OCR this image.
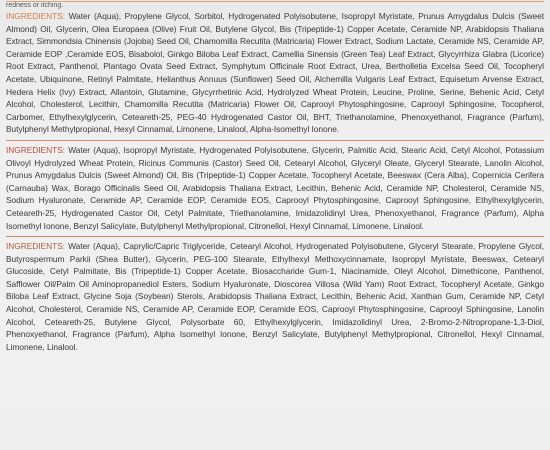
redness or itching.
INGREDIENTS: Water (Aqua), Propylene Glycol, Sorbitol, Hydrogenated Polyisobutene, Isopropyl Myristate, Prunus Amygdalus Dulcis (Sweet Almond) Oil, Glycerin, Olea Europaea (Olive) Fruit Oil, Butylene Glycol, Bis (Tripeptide-1) Copper Acetate, Ceramide NP, Arabidopsis Thaliana Extract, Simmondsia Chinensis (Jojoba) Seed Oil, Chamomilla Recutita (Matricaria) Flower Extract, Sodium Lactate, Ceramide NS, Ceramide AP, Ceramide EOP ,Ceramide EOS, Bisabolol, Ginkgo Biloba Leaf Extract, Camellia Sinensis (Green Tea) Leaf Extract, Glycyrrhiza Glabra (Licorice) Root Extract, Panthenol, Plantago Ovata Seed Extract, Symphytum Officinale Root Extract, Urea, Bertholletia Excelsa Seed Oil, Tocopheryl Acetate, Ubiquinone, Retinyl Palmitate, Helianthus Annuus (Sunflower) Seed Oil, Alchemilla Vulgaris Leaf Extract, Equisetum Arvense Extract, Hedera Helix (Ivy) Extract, Allantoin, Glutamine, Glycyrrhetinic Acid, Hydrolyzed Wheat Protein, Leucine, Proline, Serine, Behenic Acid, Cetyl Alcohol, Cholesterol, Lecithin, Chamomilla Recutita (Matricaria) Flower Oil, Caprooyl Phytosphingosine, Caprooyl Sphingosine, Tocopherol, Carbomer, Ethylhexylglycerin, Ceteareth-25, PEG-40 Hydrogenated Castor Oil, BHT, Triethanolamine, Phenoxyethanol, Fragrance (Parfum), Butylphenyl Methylpropional, Hexyl Cinnamal, Limonene, Linalool, Alpha-Isomethyl Ionone.
INGREDIENTS: Water (Aqua), Isopropyl Myristate, Hydrogenated Polyisobutene, Glycerin, Palmitic Acid, Stearic Acid, Cetyl Alcohol, Potassium Olivoyl Hydrolyzed Wheat Protein, Ricinus Communis (Castor) Seed Oil, Cetearyl Alcohol, Glyceryl Oleate, Glyceryl Stearate, Lanolin Alcohol, Prunus Amygdalus Dulcis (Sweet Almond) Oil, Bis (Tripeptide-1) Copper Acetate, Tocopheryl Acetate, Beeswax (Cera Alba), Copernicia Cerifera (Carnauba) Wax, Borago Officinalis Seed Oil, Arabidopsis Thaliana Extract, Lecithin, Behenic Acid, Ceramide NP, Cholesterol, Ceramide NS, Sodium Hyaluronate, Ceramide AP, Ceramide EOP, Ceramide EOS, Caprooyl Phytosphingosine, Caprooyl Sphingosine, Ethylhexylglycerin, Ceteareth-25, Hydrogenated Castor Oil, Cetyl Palmitate, Triethanolamine, Imidazolidinyl Urea, Phenoxyethanol, Fragrance (Parfum), Alpha Isomethyl Ionone, Benzyl Salicylate, Butylphenyl Methylpropional, Citronellol, Hexyl Cinnamal, Limonene, Linalool.
INGREDIENTS: Water (Aqua), Caprylic/Capric Triglyceride, Cetearyl Alcohol, Hydrogenated Polyisobutene, Glyceryl Stearate, Propylene Glycol, Butyrospermum Parkii (Shea Butter), Glycerin, PEG-100 Stearate, Ethylhexyl Methoxycinnamate, Isopropyl Myristate, Beeswax, Cetearyl Glucoside, Cetyl Palmitate, Bis (Tripeptide-1) Copper Acetate, Biosaccharide Gum-1, Niacinamide, Oleyl Alcohol, Dimethicone, Panthenol, Safflower Oil/Palm Oil Aminopropanediol Esters, Sodium Hyaluronate, Dioscorea Villosa (Wild Yam) Root Extract, Tocopheryl Acetate, Ginkgo Biloba Leaf Extract, Glycine Soja (Soybean) Sterols, Arabidopsis Thaliana Extract, Lecithin, Behenic Acid, Xanthan Gum, Ceramide NP, Cetyl Alcohol, Cholesterol, Ceramide NS, Ceramide AP, Ceramide EOP, Ceramide EOS, Caprooyl Phytosphingosine, Caprooyl Sphingosine, Lanolin Alcohol, Ceteareth-25, Butylene Glycol, Polysorbate 60, Ethylhexylglycerin, Imidazolidinyl Urea, 2-Bromo-2-Nitropropane-1,3-Diol, Phenoxyethanol, Fragrance (Parfum), Alpha Isomethyl Ionone, Benzyl Salicylate, Butylphenyl Methylpropional, Citronellol, Hexyl Cinnamal, Limonene, Linalool.
